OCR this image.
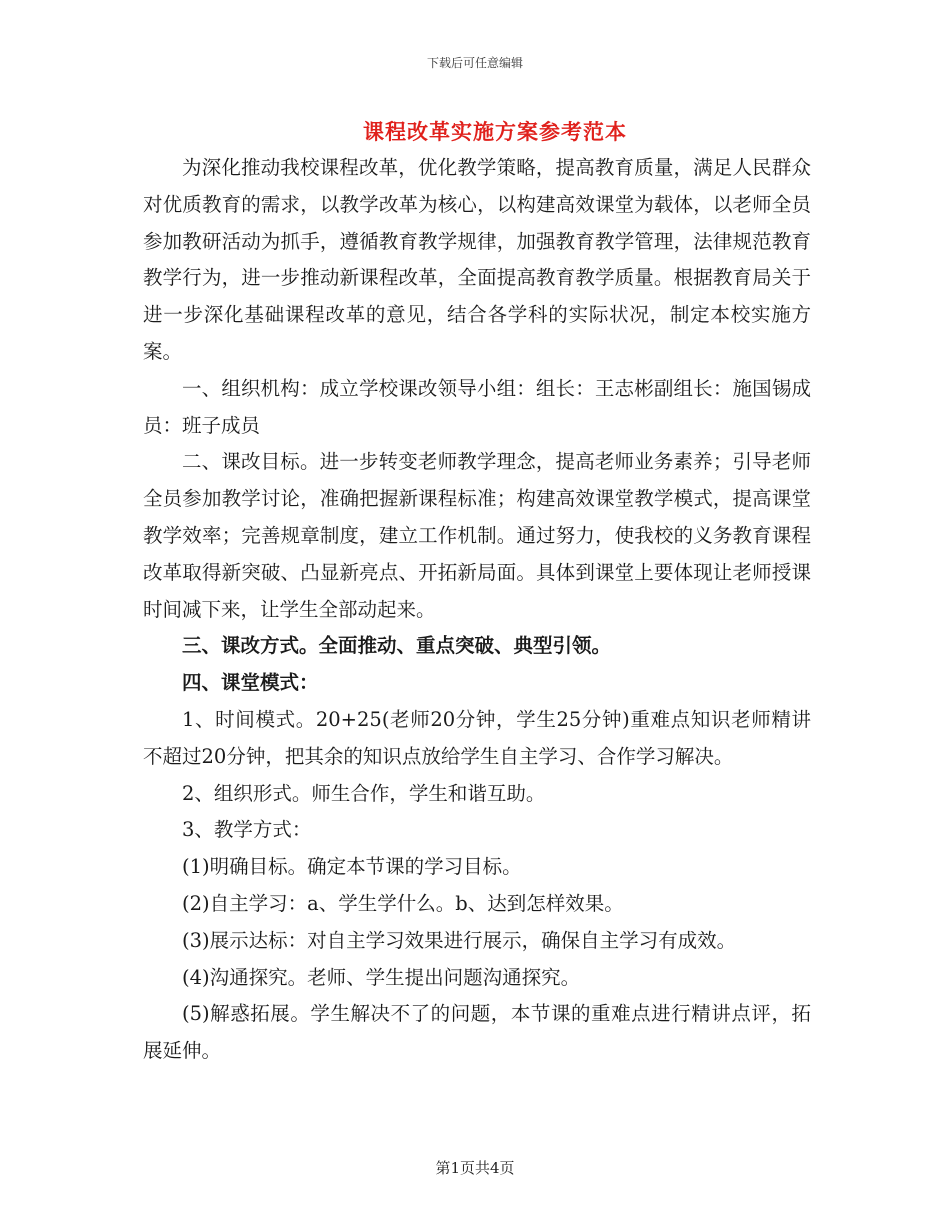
下载后可任意编辑
课程改革实施方案参考范本

为深化推动我校课程改革，优化教学策略，提高教育质量，满足人民群众对优质教育的需求，以教学改革为核心，以构建高效课堂为载体，以老师全员参加教研活动为抓手，遵循教育教学规律，加强教育教学管理，法律规范教育教学行为，进一步推动新课程改革，全面提高教育教学质量。根据教育局关于进一步深化基础课程改革的意见，结合各学科的实际状况，制定本校实施方案。

一、组织机构：成立学校课改领导小组：组长：王志彬副组长：施国锡成员：班子成员

二、课改目标。进一步转变老师教学理念，提高老师业务素养；引导老师全员参加教学讨论，准确把握新课程标准；构建高效课堂教学模式，提高课堂教学效率；完善规章制度，建立工作机制。通过努力，使我校的义务教育课程改革取得新突破、凸显新亮点、开拓新局面。具体到课堂上要体现让老师授课时间减下来，让学生全部动起来。

三、课改方式。全面推动、重点突破、典型引领。

四、课堂模式：

1、时间模式。20+25(老师20分钟，学生25分钟)重难点知识老师精讲不超过20分钟，把其余的知识点放给学生自主学习、合作学习解决。

2、组织形式。师生合作，学生和谐互助。

3、教学方式：

(1)明确目标。确定本节课的学习目标。

(2)自主学习：a、学生学什么。b、达到怎样效果。

(3)展示达标：对自主学习效果进行展示，确保自主学习有成效。

(4)沟通探究。老师、学生提出问题沟通探究。

(5)解惑拓展。学生解决不了的问题，本节课的重难点进行精讲点评，拓展延伸。

第1页共4页
